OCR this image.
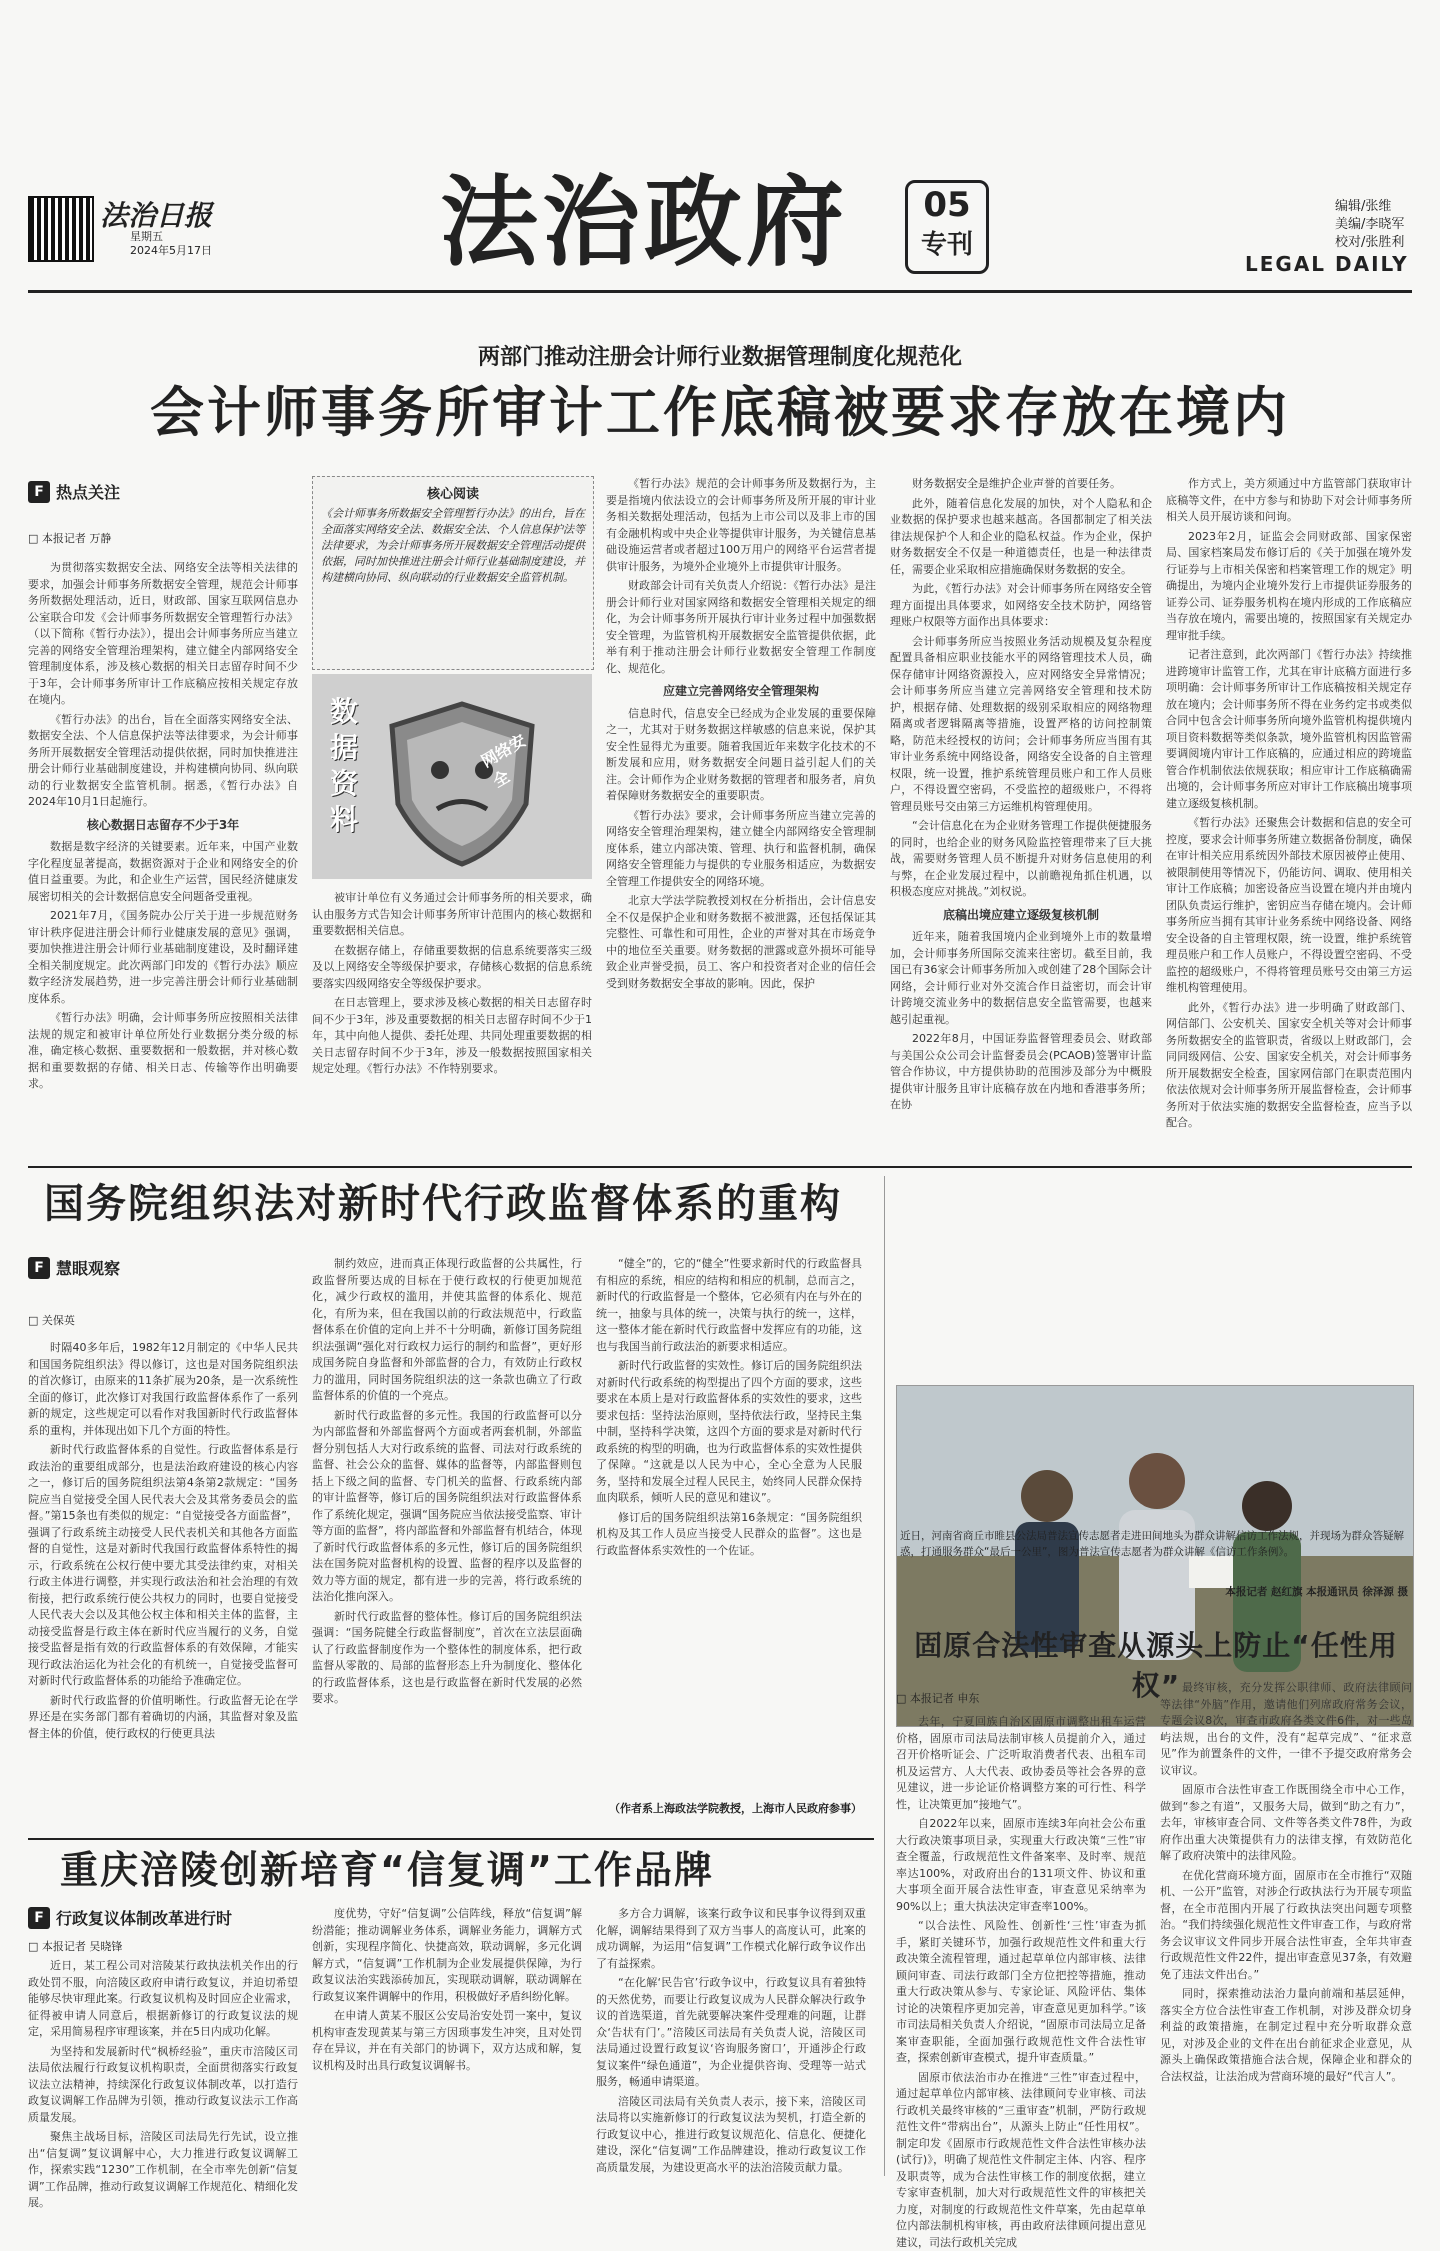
法治日报
星期五
2024年5月17日 法治政府	05
专刊
编辑/张维
美编/李晓军
校对/张胜利
LEGAL DAILY
两部门推动注册会计师行业数据管理制度化规范化
会计师事务所审计工作底稿被要求存放在境内
F 热点关注
□ 本报记者 万静

为贯彻落实数据安全法、网络安全法等相关法律的要求，加强会计师事务所数据安全管理，规范会计师事务所数据处理活动，近日，财政部、国家互联网信息办公室联合印发《会计师事务所数据安全管理暂行办法》（以下简称《暂行办法》），提出会计师事务所应当建立完善的网络安全管理治理架构，建立健全内部网络安全管理制度体系，涉及核心数据的相关日志留存时间不少于3年，会计师事务所审计工作底稿应按相关规定存放在境内。

《暂行办法》的出台，旨在全面落实网络安全法、数据安全法、个人信息保护法等法律要求，为会计师事务所开展数据安全管理活动提供依据，同时加快推进注册会计师行业基础制度建设，并构建横向协同、纵向联动的行业数据安全监管机制。据悉，《暂行办法》自2024年10月1日起施行。

核心数据日志留存不少于3年

数据是数字经济的关键要素。近年来，中国产业数字化程度显著提高，数据资源对于企业和网络安全的价值日益重要。为此，和企业生产运营，国民经济健康发展密切相关的会计数据信息安全问题备受重视。

2021年7月，《国务院办公厅关于进一步规范财务审计秩序促进注册会计师行业健康发展的意见》强调，要加快推进注册会计师行业基础制度建设，及时翻译建全相关制度规定。此次两部门印发的《暂行办法》顺应数字经济发展趋势，进一步完善注册会计师行业基础制度体系。

《暂行办法》明确，会计师事务所应按照相关法律法规的规定和被审计单位所处行业数据分类分级的标准，确定核心数据、重要数据和一般数据，并对核心数据和重要数据的存储、相关日志、传输等作出明确要求。

核心阅读
《会计师事务所数据安全管理暂行办法》的出台，旨在全面落实网络安全法、数据安全法、个人信息保护法等法律要求，为会计师事务所开展数据安全管理活动提供依据，同时加快推进注册会计师行业基础制度建设，并构建横向协同、纵向联动的行业数据安全监管机制。
数据资料
网络安全

被审计单位有义务通过会计师事务所的相关要求，确认由服务方式告知会计师事务所审计范围内的核心数据和重要数据相关信息。

在数据存储上，存储重要数据的信息系统要落实三级及以上网络安全等级保护要求，存储核心数据的信息系统要落实四级网络安全等级保护要求。

在日志管理上，要求涉及核心数据的相关日志留存时间不少于3年，涉及重要数据的相关日志留存时间不少于1年，其中向他人提供、委托处理、共同处理重要数据的相关日志留存时间不少于3年，涉及一般数据按照国家相关规定处理。《暂行办法》不作特别要求。

《暂行办法》规范的会计师事务所及数据行为，主要是指境内依法设立的会计师事务所及所开展的审计业务相关数据处理活动，包括为上市公司以及非上市的国有金融机构或中央企业等提供审计服务，为关键信息基础设施运营者或者超过100万用户的网络平台运营者提供审计服务，为境外企业境外上市提供审计服务。

财政部会计司有关负责人介绍说：《暂行办法》是注册会计师行业对国家网络和数据安全管理相关规定的细化，为会计师事务所开展执行审计业务过程中加强数据安全管理，为监管机构开展数据安全监管提供依据，此举有利于推动注册会计师行业数据安全管理工作制度化、规范化。

应建立完善网络安全管理架构

信息时代，信息安全已经成为企业发展的重要保障之一，尤其对于财务数据这样敏感的信息来说，保护其安全性显得尤为重要。随着我国近年来数字化技术的不断发展和应用，财务数据安全问题日益引起人们的关注。会计师作为企业财务数据的管理者和服务者，肩负着保障财务数据安全的重要职责。

《暂行办法》要求，会计师事务所应当建立完善的网络安全管理治理架构，建立健全内部网络安全管理制度体系，建立内部决策、管理、执行和监督机制，确保网络安全管理能力与提供的专业服务相适应，为数据安全管理工作提供安全的网络环境。

北京大学法学院教授刘权在分析指出，会计信息安全不仅是保护企业和财务数据不被泄露，还包括保证其完整性、可靠性和可用性，企业的声誉对其在市场竞争中的地位至关重要。财务数据的泄露或意外损坏可能导致企业声誉受损，员工、客户和投资者对企业的信任会受到财务数据安全事故的影响。因此，保护

财务数据安全是维护企业声誉的首要任务。

此外，随着信息化发展的加快，对个人隐私和企业数据的保护要求也越来越高。各国都制定了相关法律法规保护个人和企业的隐私权益。作为企业，保护财务数据安全不仅是一种道德责任，也是一种法律责任，需要企业采取相应措施确保财务数据的安全。

为此，《暂行办法》对会计师事务所在网络安全管理方面提出具体要求，如网络安全技术防护，网络管理账户权限等方面作出具体要求：

会计师事务所应当按照业务活动规模及复杂程度配置具备相应职业技能水平的网络管理技术人员，确保存储审计网络资源投入，应对网络安全异常情况；会计师事务所应当建立完善网络安全管理和技术防护，根据存储、处理数据的级别采取相应的网络物理隔离或者逻辑隔离等措施，设置严格的访问控制策略，防范未经授权的访问；会计师事务所应当围有其审计业务系统中网络设备，网络安全设备的自主管理权限，统一设置，推护系统管理员账户和工作人员账户，不得设置空密码，不受监控的超级账户，不得将管理员账号交由第三方运维机构管理使用。

“会计信息化在为企业财务管理工作提供便捷服务的同时，也给企业的财务风险监控管理带来了巨大挑战，需要财务管理人员不断提升对财务信息使用的利与弊，在企业发展过程中，以前瞻视角抓住机遇，以积极态度应对挑战。”刘权说。

底稿出境应建立逐级复核机制

近年来，随着我国境内企业到境外上市的数量增加，会计师事务所国际交流来往密切。截至目前，我国已有36家会计师事务所加入或创建了28个国际会计网络，会计师行业对外交流合作日益密切，而会计审计跨境交流业务中的数据信息安全监管需要，也越来越引起重视。

2022年8月，中国证券监督管理委员会、财政部与美国公众公司会计监督委员会(PCAOB)签署审计监管合作协议，中方提供协助的范围涉及部分为中概股提供审计服务且审计底稿存放在内地和香港事务所；在协

作方式上，美方须通过中方监管部门获取审计底稿等文件，在中方参与和协助下对会计师事务所相关人员开展访谈和问询。

2023年2月，证监会会同财政部、国家保密局、国家档案局发布修订后的《关于加强在境外发行证券与上市相关保密和档案管理工作的规定》明确提出，为境内企业境外发行上市提供证券服务的证券公司、证券服务机构在境内形成的工作底稿应当存放在境内，需要出境的，按照国家有关规定办理审批手续。

记者注意到，此次两部门《暂行办法》持续推进跨境审计监管工作，尤其在审计底稿方面进行多项明确：会计师事务所审计工作底稿按相关规定存放在境内；会计师事务所不得在业务约定书或类似合同中包含会计师事务所向境外监管机构提供境内项目资料数据等类似条款，境外监管机构因监管需要调阅境内审计工作底稿的，应通过相应的跨境监管合作机制依法依规获取；相应审计工作底稿确需出境的，会计师事务所应对审计工作底稿出境事项建立逐级复核机制。

《暂行办法》还聚焦会计数据和信息的安全可控度，要求会计师事务所建立数据备份制度，确保在审计相关应用系统因外部技术原因被停止使用、被限制使用等情况下，仍能访问、调取、使用相关审计工作底稿；加密设备应当设置在境内并由境内团队负责运行维护，密钥应当存储在境内。会计师事务所应当拥有其审计业务系统中网络设备、网络安全设备的自主管理权限，统一设置，维护系统管理员账户和工作人员账户，不得设置空密码、不受监控的超级账户，不得将管理员账号交由第三方运维机构管理使用。

此外，《暂行办法》进一步明确了财政部门、网信部门、公安机关、国家安全机关等对会计师事务所数据安全的监管职责，省级以上财政部门，会同同级网信、公安、国家安全机关，对会计师事务所开展数据安全检查，国家网信部门在职责范围内依法依规对会计师事务所开展监督检查，会计师事务所对于依法实施的数据安全监督检查，应当予以配合。

国务院组织法对新时代行政监督体系的重构
F 慧眼观察
□ 关保英

时隔40多年后，1982年12月制定的《中华人民共和国国务院组织法》得以修订，这也是对国务院组织法的首次修订，由原来的11条扩展为20条，是一次系统性全面的修订，此次修订对我国行政监督体系作了一系列新的规定，这些规定可以看作对我国新时代行政监督体系的重构，并体现出如下几个方面的特性。

新时代行政监督体系的自觉性。行政监督体系是行政法治的重要组成部分，也是法治政府建设的核心内容之一，修订后的国务院组织法第4条第2款规定：“国务院应当自觉接受全国人民代表大会及其常务委员会的监督。”第15条也有类似的规定：“自觉接受各方面监督”，强调了行政系统主动接受人民代表机关和其他各方面监督的自觉性，这是对新时代我国行政监督体系特性的揭示，行政系统在公权行使中要尤其受法律约束，对相关行政主体进行调整，并实现行政法治和社会治理的有效衔接，把行政系统行使公共权力的同时，也要自觉接受人民代表大会以及其他公权主体和相关主体的监督，主动接受监督是行政主体在新时代应当履行的义务，自觉接受监督是指有效的行政监督体系的有效保障，才能实现行政法治运化为社会化的有机统一，自觉接受监督可对新时代行政监督体系的功能给予准确定位。

新时代行政监督的价值明晰性。行政监督无论在学界还是在实务部门都有着确切的内涵，其监督对象及监督主体的价值，使行政权的行使更具法

制约效应，进而真正体现行政监督的公共属性，行政监督所要达成的目标在于使行政权的行使更加规范化，减少行政权的滥用，并使其监督的体系化、规范化，有所为来，但在我国以前的行政法规范中，行政监督体系在价值的定向上并不十分明确，新修订国务院组织法强调“强化对行政权力运行的制约和监督”，更好形成国务院自身监督和外部监督的合力，有效防止行政权力的滥用，同时国务院组织法的这一条款也确立了行政监督体系的价值的一个亮点。

新时代行政监督的多元性。我国的行政监督可以分为内部监督和外部监督两个方面或者两套机制，外部监督分别包括人大对行政系统的监督、司法对行政系统的监督、社会公众的监督、媒体的监督等，内部监督则包括上下级之间的监督、专门机关的监督、行政系统内部的审计监督等，修订后的国务院组织法对行政监督体系作了系统化规定，强调“国务院应当依法接受监察、审计等方面的监督”，将内部监督和外部监督有机结合，体现了新时代行政监督体系的多元性，修订后的国务院组织法在国务院对监督机构的设置、监督的程序以及监督的效力等方面的规定，都有进一步的完善，将行政系统的法治化推向深入。

新时代行政监督的整体性。修订后的国务院组织法强调：“国务院健全行政监督制度”，首次在立法层面确认了行政监督制度作为一个整体性的制度体系，把行政监督从零散的、局部的监督形态上升为制度化、整体化的行政监督体系，这也是行政监督在新时代发展的必然要求。

“健全”的，它的“健全”性要求新时代的行政监督具有相应的系统，相应的结构和相应的机制，总而言之，新时代的行政监督是一个整体，它必须有内在与外在的统一，抽象与具体的统一，决策与执行的统一，这样，这一整体才能在新时代行政监督中发挥应有的功能，这也与我国当前行政法治的新要求相适应。

新时代行政监督的实效性。修订后的国务院组织法对新时代行政系统的构型提出了四个方面的要求，这些要求在本质上是对行政监督体系的实效性的要求，这些要求包括：坚持法治原则，坚持依法行政，坚持民主集中制，坚持科学决策，这四个方面的要求是对新时代行政系统的构型的明确，也为行政监督体系的实效性提供了保障。“这就是以人民为中心，全心全意为人民服务，坚持和发展全过程人民民主，始终同人民群众保持血肉联系，倾听人民的意见和建议”。

修订后的国务院组织法第16条规定：“国务院组织机构及其工作人员应当接受人民群众的监督”。这也是行政监督体系实效性的一个佐证。

（作者系上海政法学院教授，上海市人民政府参事）
近日，河南省商丘市睢县公法局普法宣传志愿者走进田间地头为群众讲解信访工作法规，并现场为群众答疑解惑，打通服务群众“最后一公里”，图为普法宣传志愿者为群众讲解《信访工作条例》。
本报记者 赵红旗 本报通讯员 徐泽源 摄
固原合法性审查从源头上防止“任性用权”
□ 本报记者 申东

去年，宁夏回族自治区固原市调整出租车运营价格，固原市司法局法制审核人员提前介入，通过召开价格听证会、广泛听取消费者代表、出租车司机及运营方、人大代表、政协委员等社会各界的意见建议，进一步论证价格调整方案的可行性、科学性，让决策更加“接地气”。

自2022年以来，固原市连续3年向社会公布重大行政决策事项目录，实现重大行政决策“三性”审查全覆盖，行政规范性文件备案率、及时率、规范率达100%，对政府出台的131项文件、协议和重大事项全面开展合法性审查，审查意见采纳率为90%以上；重大执法决定审查率100%。

“以合法性、风险性、创新性‘三性’审查为抓手，紧盯关键环节，加强行政规范性文件和重大行政决策全流程管理，通过起草单位内部审核、法律顾问审查、司法行政部门全方位把控等措施，推动重大行政决策从参与、专家论证、风险评估、集体讨论的决策程序更加完善，审查意见更加科学。”该市司法局相关负责人介绍说，“固原市司法局立足备案审查职能，全面加强行政规范性文件合法性审查，探索创新审查模式，提升审查质量。”

固原市依法治市办在推进“三性”审查过程中，通过起草单位内部审核、法律顾问专业审核、司法行政机关最终审核的“三重审查”机制，严防行政规范性文件“带病出台”，从源头上防止“任性用权”。制定印发《固原市行政规范性文件合法性审核办法(试行)》，明确了规范性文件制定主体、内容、程序及职责等，成为合法性审核工作的制度依据，建立专家审查机制，加大对行政规范性文件的审核把关力度，对制度的行政规范性文件草案，先由起草单位内部法制机构审核，再由政府法律顾问提出意见建议，司法行政机关完成

最终审核，充分发挥公职律师、政府法律顾问等法律“外脑”作用，邀请他们列席政府常务会议，专题会议8次，审查市政府各类文件6件，对一些岛屿法规，出台的文件，没有“起草完成”、“征求意见”作为前置条件的文件，一律不予提交政府常务会议审议。

固原市合法性审查工作既围绕全市中心工作，做到“参之有道”，又服务大局，做到“助之有力”，去年，审核审查合同、文件等各类文件78件，为政府作出重大决策提供有力的法律支撑，有效防范化解了政府决策中的法律风险。

在优化营商环境方面，固原市在全市推行“双随机、一公开”监管，对涉企行政执法行为开展专项监督，在全市范围内开展了行政执法突出问题专项整治。“我们持续强化规范性文件审查工作，与政府常务会议审议文件同步开展合法性审查，全年共审查行政规范性文件22件，提出审查意见37条，有效避免了违法文件出台。”

同时，探索推动法治力量向前端和基层延伸，落实全方位合法性审查工作机制，对涉及群众切身利益的政策措施，在制定过程中充分听取群众意见，对涉及企业的文件在出台前征求企业意见，从源头上确保政策措施合法合规，保障企业和群众的合法权益，让法治成为营商环境的最好“代言人”。

重庆涪陵创新培育“信复调”工作品牌
F 行政复议体制改革进行时
□ 本报记者 吴晓锋

近日，某工程公司对涪陵某行政执法机关作出的行政处罚不服，向涪陵区政府申请行政复议，并迫切希望能够尽快审理此案。行政复议机构及时回应企业需求，征得被申请人同意后，根据新修订的行政复议法的规定，采用简易程序审理该案，并在5日内成功化解。

为坚持和发展新时代“枫桥经验”，重庆市涪陵区司法局依法履行行政复议机构职责，全面贯彻落实行政复议法立法精神，持续深化行政复议体制改革，以打造行政复议调解工作品牌为引领，推动行政复议法示工作高质量发展。

聚焦主战场目标，涪陵区司法局先行先试，设立推出“信复调”复议调解中心，大力推进行政复议调解工作，探索实践“1230”工作机制，在全市率先创新“信复调”工作品牌，推动行政复议调解工作规范化、精细化发展。

度优势，守好“信复调”公信阵线，释放“信复调”解纷潜能；推动调解业务体系，调解业务能力，调解方式创新，实现程序简化、快捷高效，联动调解，多元化调解方式，“信复调”工作机制为企业发展提供保障，为行政复议法治实践添砖加瓦，实现联动调解，联动调解在行政复议案件调解中的作用，积极做好矛盾纠纷化解。

在申请人黄某不服区公安局治安处罚一案中，复议机构审查发现黄某与第三方因琐事发生冲突，且对处罚存在异议，并在有关部门的协调下，双方达成和解，复议机构及时出具行政复议调解书。

多方合力调解，该案行政争议和民事争议得到双重化解，调解结果得到了双方当事人的高度认可，此案的成功调解，为运用“信复调”工作模式化解行政争议作出了有益探索。

“在化解‘民告官’行政争议中，行政复议具有着独特的天然优势，而要让行政复议成为人民群众解决行政争议的首选渠道，首先就要解决案件受理难的问题，让群众‘告状有门’。”涪陵区司法局有关负责人说，涪陵区司法局通过设置行政复议‘咨询服务窗口’，开通涉企行政复议案件“绿色通道”，为企业提供咨询、受理等一站式服务，畅通申请渠道。

涪陵区司法局有关负责人表示，接下来，涪陵区司法局将以实施新修订的行政复议法为契机，打造全新的行政复议中心，推进行政复议规范化、信息化、便捷化建设，深化“信复调”工作品牌建设，推动行政复议工作高质量发展，为建设更高水平的法治涪陵贡献力量。
